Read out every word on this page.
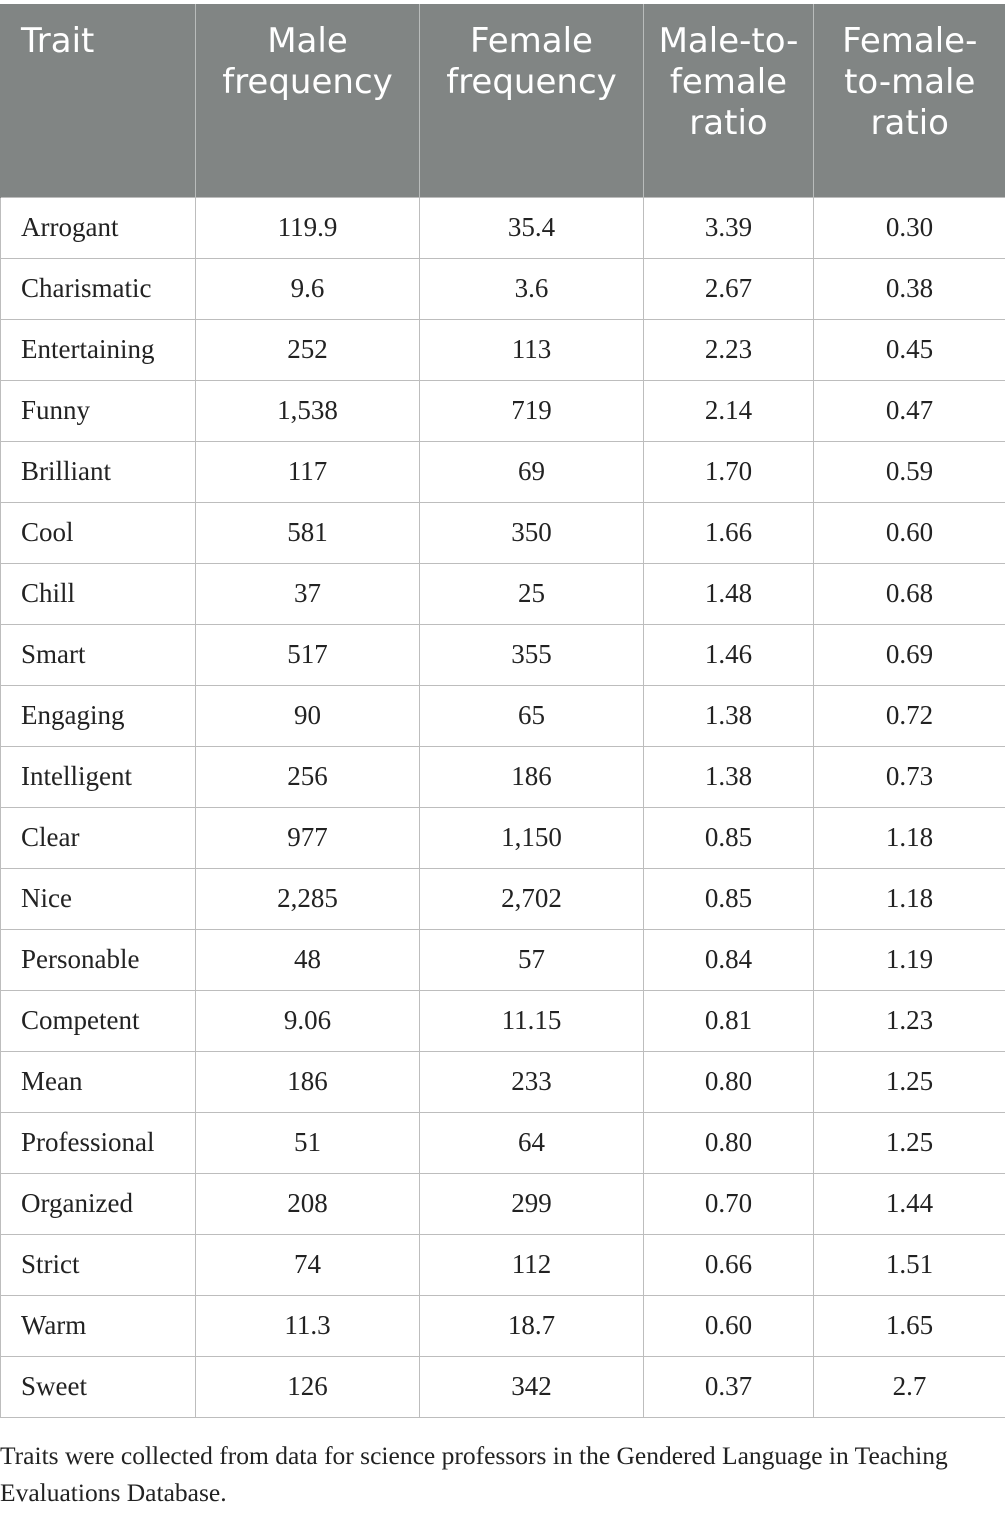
Trait	Male frequency	Female frequency	Male-to-female ratio	Female-to-male ratio
Arrogant	119.9	35.4	3.39	0.30
Charismatic	9.6	3.6	2.67	0.38
Entertaining	252	113	2.23	0.45
Funny	1,538	719	2.14	0.47
Brilliant	117	69	1.70	0.59
Cool	581	350	1.66	0.60
Chill	37	25	1.48	0.68
Smart	517	355	1.46	0.69
Engaging	90	65	1.38	0.72
Intelligent	256	186	1.38	0.73
Clear	977	1,150	0.85	1.18
Nice	2,285	2,702	0.85	1.18
Personable	48	57	0.84	1.19
Competent	9.06	11.15	0.81	1.23
Mean	186	233	0.80	1.25
Professional	51	64	0.80	1.25
Organized	208	299	0.70	1.44
Strict	74	112	0.66	1.51
Warm	11.3	18.7	0.60	1.65
Sweet	126	342	0.37	2.7

Traits were collected from data for science professors in the Gendered Language in Teaching Evaluations Database.
